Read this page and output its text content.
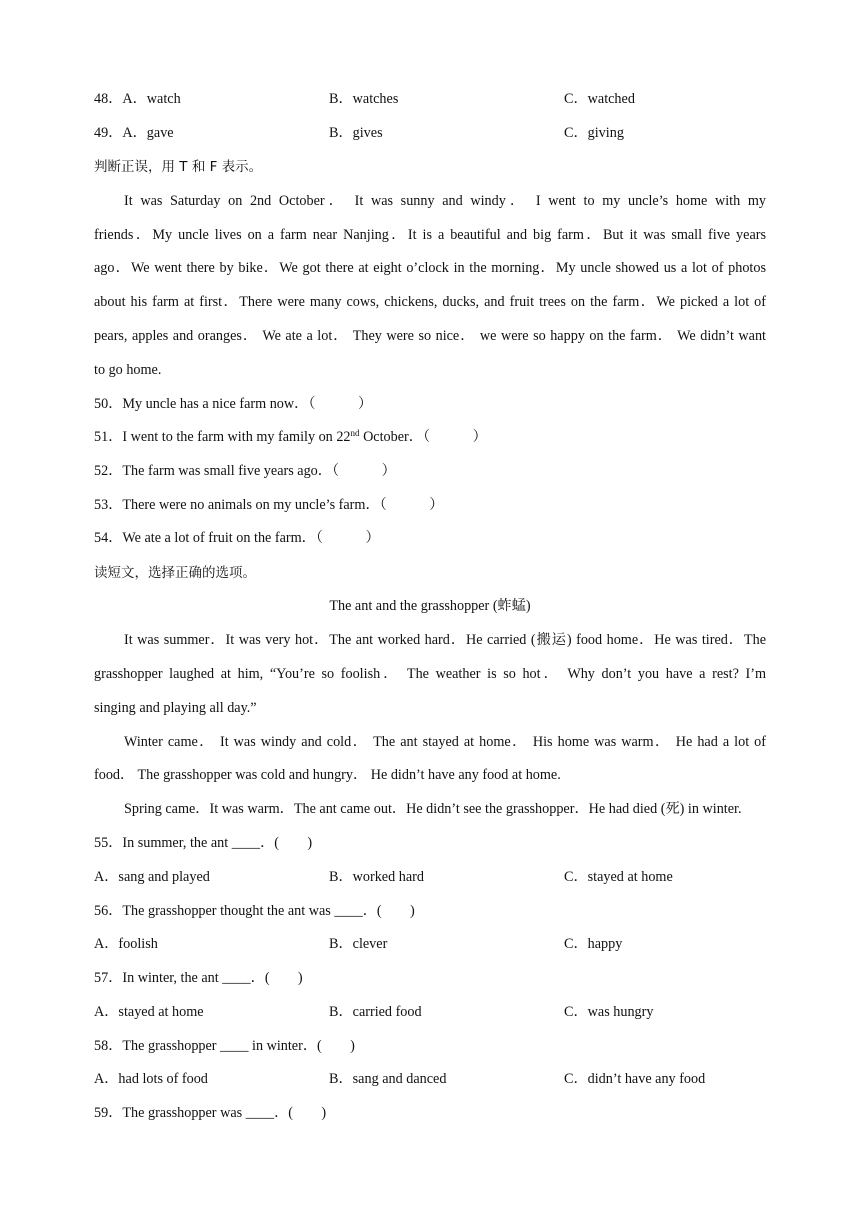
48．A．watch	B．watches	C．watched
49．A．gave	B．gives	C．giving
判断正误，用 T 和 F 表示。
It was Saturday on 2nd October． It was sunny and windy． I went to my uncle’s home with my
friends．My uncle lives on a farm near Nanjing．It is a beautiful and big farm．But it was small five years
ago．We went there by bike．We got there at eight o’clock in the morning．My uncle showed us a lot of photos
about his farm at first．There were many cows, chickens, ducks, and fruit trees on the farm．We picked a lot of
pears, apples and oranges． We ate a lot． They were so nice． we were so happy on the farm． We didn’t want
to go home.
50．My uncle has a nice farm now．（　　　）
51．I went to the farm with my family on 22nd October．（　　　）
52．The farm was small five years ago．（　　　）
53．There were no animals on my uncle’s farm．（　　　）
54．We ate a lot of fruit on the farm．（　　　）
读短文，选择正确的选项。
The ant and the grasshopper (蚱蜢)
It was summer．It was very hot．The ant worked hard．He carried (搬运) food home．He was tired．The
grasshopper laughed at him, “You’re so foolish． The weather is so hot． Why don’t you have a rest? I’m
singing and playing all day.”
Winter came． It was windy and cold． The ant stayed at home． His home was warm． He had a lot of
food． The grasshopper was cold and hungry． He didn’t have any food at home.
Spring came．It was warm．The ant came out．He didn’t see the grasshopper．He had died (死) in winter.
55．In summer, the ant ____．(　　)
A．sang and played	B．worked hard	C．stayed at home
56．The grasshopper thought the ant was ____．(　　)
A．foolish	B．clever	C．happy
57．In winter, the ant ____．(　　)
A．stayed at home	B．carried food	C．was hungry
58．The grasshopper ____ in winter．(　　)
A．had lots of food	B．sang and danced	C．didn’t have any food
59．The grasshopper was ____．(　　)
